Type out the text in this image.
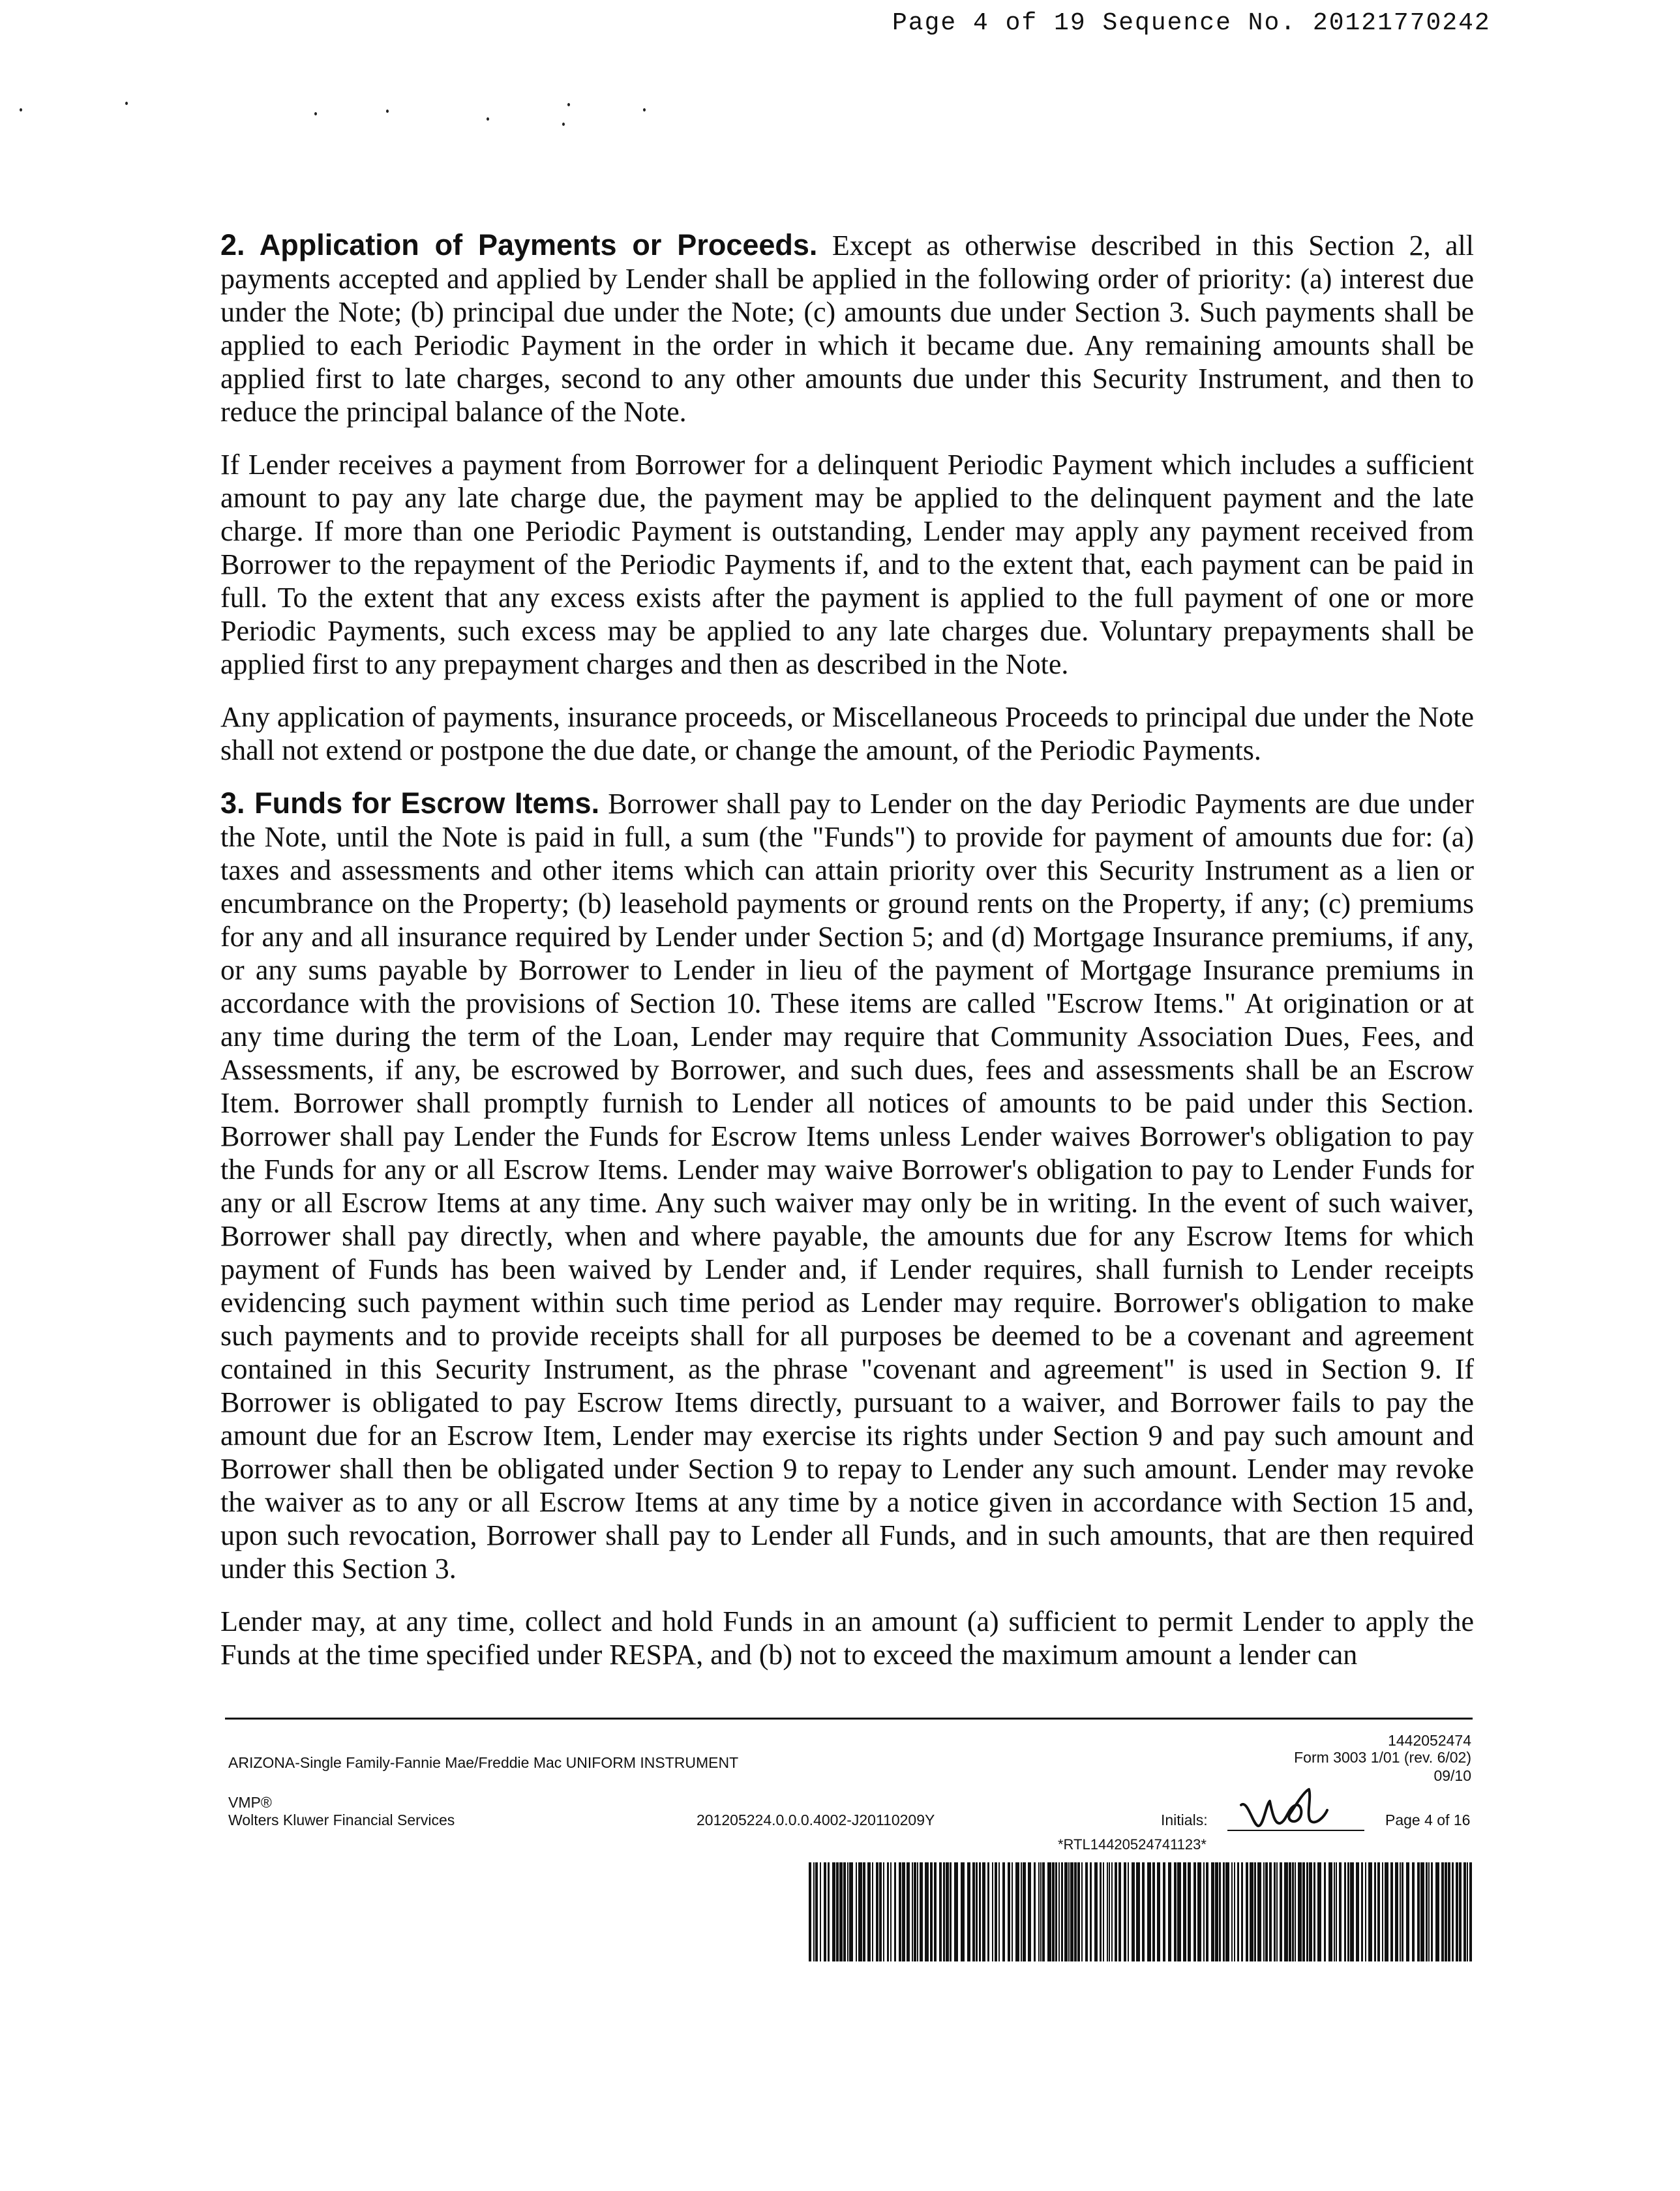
Page 4 of 19 Sequence No. 20121770242

2. Application of Payments or Proceeds. Except as otherwise described in this Section 2, all payments accepted and applied by Lender shall be applied in the following order of priority: (a) interest due under the Note; (b) principal due under the Note; (c) amounts due under Section 3. Such payments shall be applied to each Periodic Payment in the order in which it became due. Any remaining amounts shall be applied first to late charges, second to any other amounts due under this Security Instrument, and then to reduce the principal balance of the Note.

If Lender receives a payment from Borrower for a delinquent Periodic Payment which includes a sufficient amount to pay any late charge due, the payment may be applied to the delinquent payment and the late charge. If more than one Periodic Payment is outstanding, Lender may apply any payment received from Borrower to the repayment of the Periodic Payments if, and to the extent that, each payment can be paid in full. To the extent that any excess exists after the payment is applied to the full payment of one or more Periodic Payments, such excess may be applied to any late charges due. Voluntary prepayments shall be applied first to any prepayment charges and then as described in the Note.

Any application of payments, insurance proceeds, or Miscellaneous Proceeds to principal due under the Note shall not extend or postpone the due date, or change the amount, of the Periodic Payments.

3. Funds for Escrow Items. Borrower shall pay to Lender on the day Periodic Payments are due under the Note, until the Note is paid in full, a sum (the "Funds") to provide for payment of amounts due for: (a) taxes and assessments and other items which can attain priority over this Security Instrument as a lien or encumbrance on the Property; (b) leasehold payments or ground rents on the Property, if any; (c) premiums for any and all insurance required by Lender under Section 5; and (d) Mortgage Insurance premiums, if any, or any sums payable by Borrower to Lender in lieu of the payment of Mortgage Insurance premiums in accordance with the provisions of Section 10. These items are called "Escrow Items." At origination or at any time during the term of the Loan, Lender may require that Community Association Dues, Fees, and Assessments, if any, be escrowed by Borrower, and such dues, fees and assessments shall be an Escrow Item. Borrower shall promptly furnish to Lender all notices of amounts to be paid under this Section. Borrower shall pay Lender the Funds for Escrow Items unless Lender waives Borrower's obligation to pay the Funds for any or all Escrow Items. Lender may waive Borrower's obligation to pay to Lender Funds for any or all Escrow Items at any time. Any such waiver may only be in writing. In the event of such waiver, Borrower shall pay directly, when and where payable, the amounts due for any Escrow Items for which payment of Funds has been waived by Lender and, if Lender requires, shall furnish to Lender receipts evidencing such payment within such time period as Lender may require. Borrower's obligation to make such payments and to provide receipts shall for all purposes be deemed to be a covenant and agreement contained in this Security Instrument, as the phrase "covenant and agreement" is used in Section 9. If Borrower is obligated to pay Escrow Items directly, pursuant to a waiver, and Borrower fails to pay the amount due for an Escrow Item, Lender may exercise its rights under Section 9 and pay such amount and Borrower shall then be obligated under Section 9 to repay to Lender any such amount. Lender may revoke the waiver as to any or all Escrow Items at any time by a notice given in accordance with Section 15 and, upon such revocation, Borrower shall pay to Lender all Funds, and in such amounts, that are then required under this Section 3.

Lender may, at any time, collect and hold Funds in an amount (a) sufficient to permit Lender to apply the Funds at the time specified under RESPA, and (b) not to exceed the maximum amount a lender can

1442052474
ARIZONA-Single Family-Fannie Mae/Freddie Mac UNIFORM INSTRUMENT	Form 3003 1/01 (rev. 6/02)
09/10
VMP®
Wolters Kluwer Financial Services	201205224.0.0.0.4002-J20110209Y	Initials:	Page 4 of 16
*RTL14420524741123*
